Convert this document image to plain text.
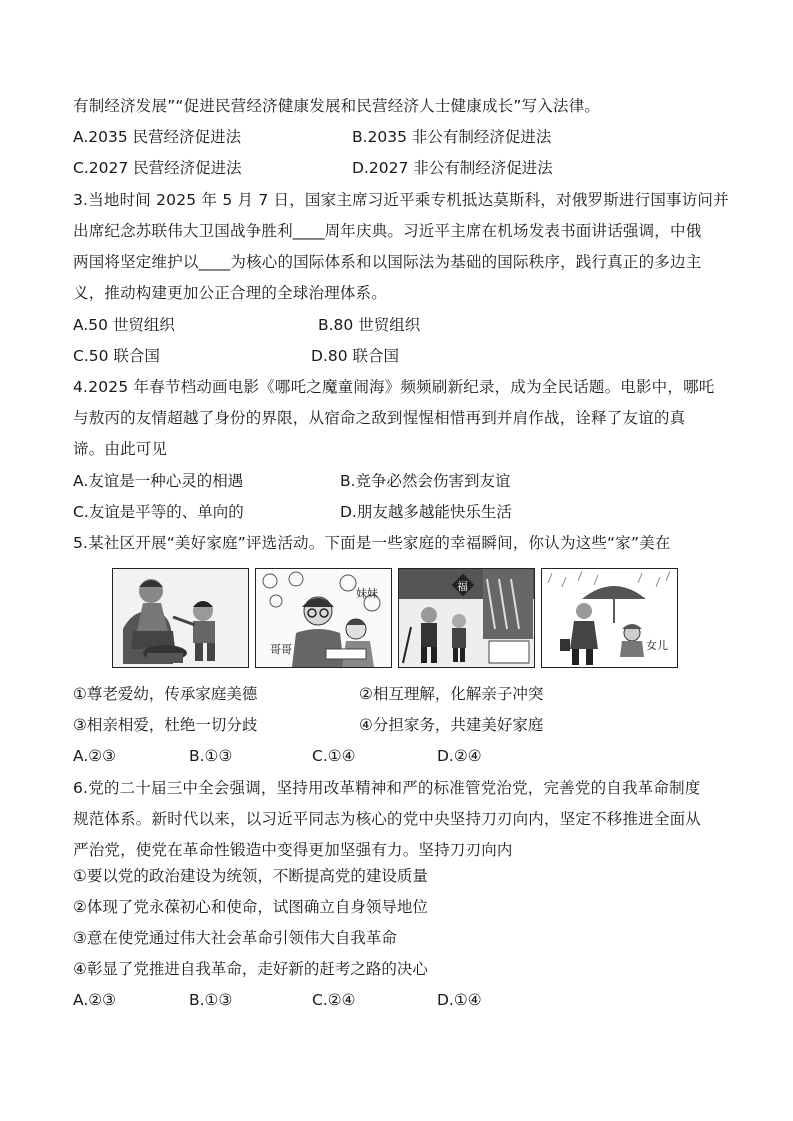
有制经济发展”“促进民营经济健康发展和民营经济人士健康成长”写入法律。
A.2035 民营经济促进法	B.2035 非公有制经济促进法
C.2027 民营经济促进法	D.2027 非公有制经济促进法
3.当地时间 2025 年 5 月 7 日，国家主席习近平乘专机抵达莫斯科，对俄罗斯进行国事访问并
出席纪念苏联伟大卫国战争胜利____周年庆典。习近平主席在机场发表书面讲话强调，中俄
两国将坚定维护以____为核心的国际体系和以国际法为基础的国际秩序，践行真正的多边主
义，推动构建更加公正合理的全球治理体系。
A.50 世贸组织	B.80 世贸组织
C.50 联合国	D.80 联合国
4.2025 年春节档动画电影《哪吒之魔童闹海》频频刷新纪录，成为全民话题。电影中，哪吒
与敖丙的友情超越了身份的界限，从宿命之敌到惺惺相惜再到并肩作战，诠释了友谊的真
谛。由此可见
A.友谊是一种心灵的相遇	B.竞争必然会伤害到友谊
C.友谊是平等的、单向的	D.朋友越多越能快乐生活
5.某社区开展“美好家庭”评选活动。下面是一些家庭的幸福瞬间，你认为这些“家”美在
哥哥
妹妹
福
女儿
①尊老爱幼，传承家庭美德	②相互理解，化解亲子冲突
③相亲相爱，杜绝一切分歧	④分担家务，共建美好家庭
A.②③	B.①③	C.①④	D.②④
6.党的二十届三中全会强调，坚持用改革精神和严的标准管党治党，完善党的自我革命制度
规范体系。新时代以来，以习近平同志为核心的党中央坚持刀刃向内，坚定不移推进全面从
严治党，使党在革命性锻造中变得更加坚强有力。坚持刀刃向内
①要以党的政治建设为统领，不断提高党的建设质量
②体现了党永葆初心和使命，试图确立自身领导地位
③意在使党通过伟大社会革命引领伟大自我革命
④彰显了党推进自我革命，走好新的赶考之路的决心
A.②③	B.①③	C.②④	D.①④
